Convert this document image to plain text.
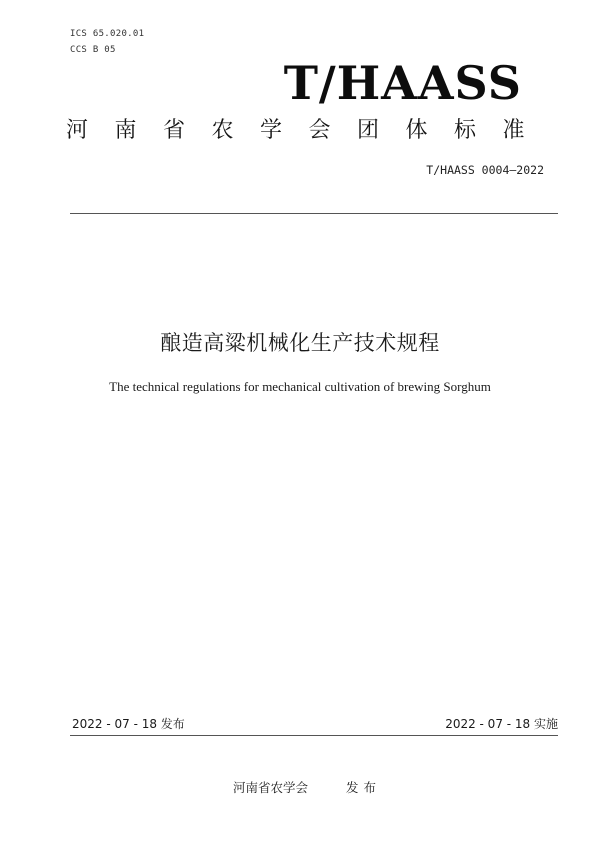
ICS 65.020.01

CCS B 05

T/HAASS

河南省农学会团体标准

T/HAASS 0004—2022

酿造高粱机械化生产技术规程

The technical regulations for mechanical cultivation of brewing Sorghum

2022 - 07 - 18 发布	2022 - 07 - 18 实施

河南省农学会	发布
